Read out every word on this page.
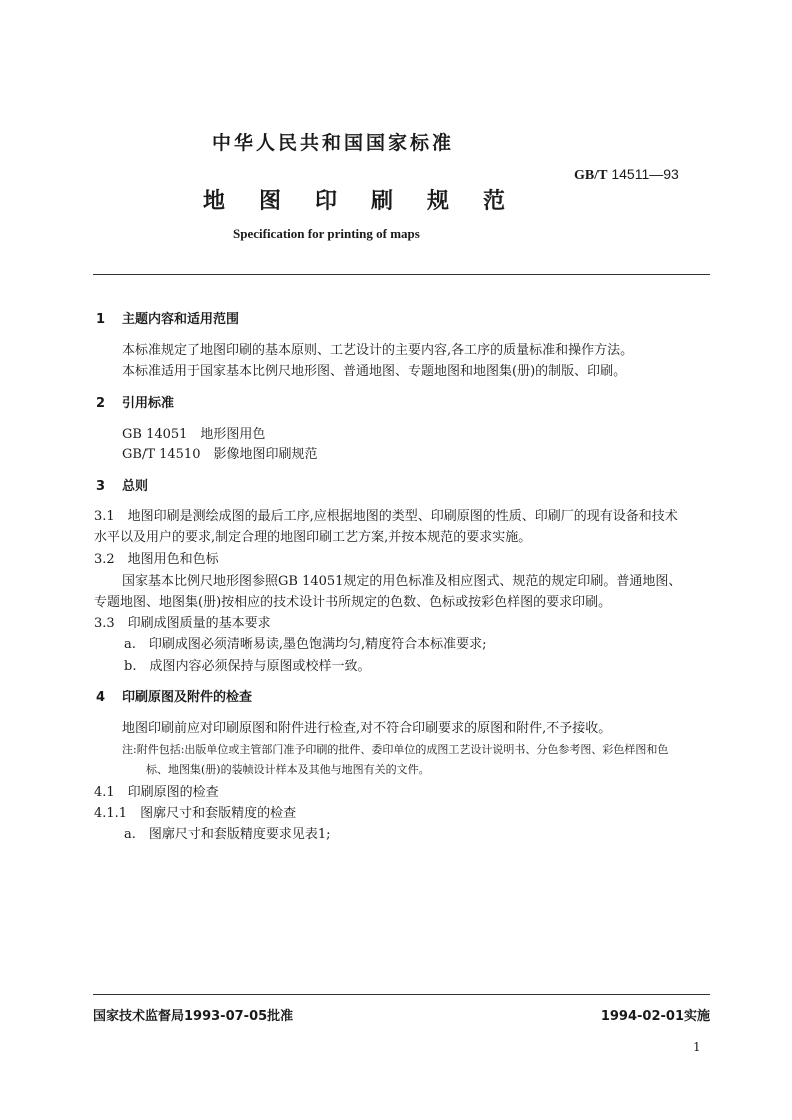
中华人民共和国国家标准
GB/T 14511—93
地图印刷规范
Specification for printing of maps
1 主题内容和适用范围
本标准规定了地图印刷的基本原则、工艺设计的主要内容,各工序的质量标准和操作方法。
本标准适用于国家基本比例尺地形图、普通地图、专题地图和地图集(册)的制版、印刷。
2 引用标准
GB 14051　地形图用色
GB/T 14510　影像地图印刷规范
3 总则
3.1　地图印刷是测绘成图的最后工序,应根据地图的类型、印刷原图的性质、印刷厂的现有设备和技术
水平以及用户的要求,制定合理的地图印刷工艺方案,并按本规范的要求实施。
3.2　地图用色和色标
国家基本比例尺地形图参照GB 14051规定的用色标准及相应图式、规范的规定印刷。普通地图、
专题地图、地图集(册)按相应的技术设计书所规定的色数、色标或按彩色样图的要求印刷。
3.3　印刷成图质量的基本要求
a.　印刷成图必须清晰易读,墨色饱满均匀,精度符合本标准要求;
b.　成图内容必须保持与原图或校样一致。
4 印刷原图及附件的检查
地图印刷前应对印刷原图和附件进行检查,对不符合印刷要求的原图和附件,不予接收。
注:附件包括:出版单位或主管部门准予印刷的批件、委印单位的成图工艺设计说明书、分色参考图、彩色样图和色
标、地图集(册)的装帧设计样本及其他与地图有关的文件。
4.1　印刷原图的检查
4.1.1　图廓尺寸和套版精度的检查
a.　图廓尺寸和套版精度要求见表1;
国家技术监督局1993-07-05批准	1994-02-01实施
1
